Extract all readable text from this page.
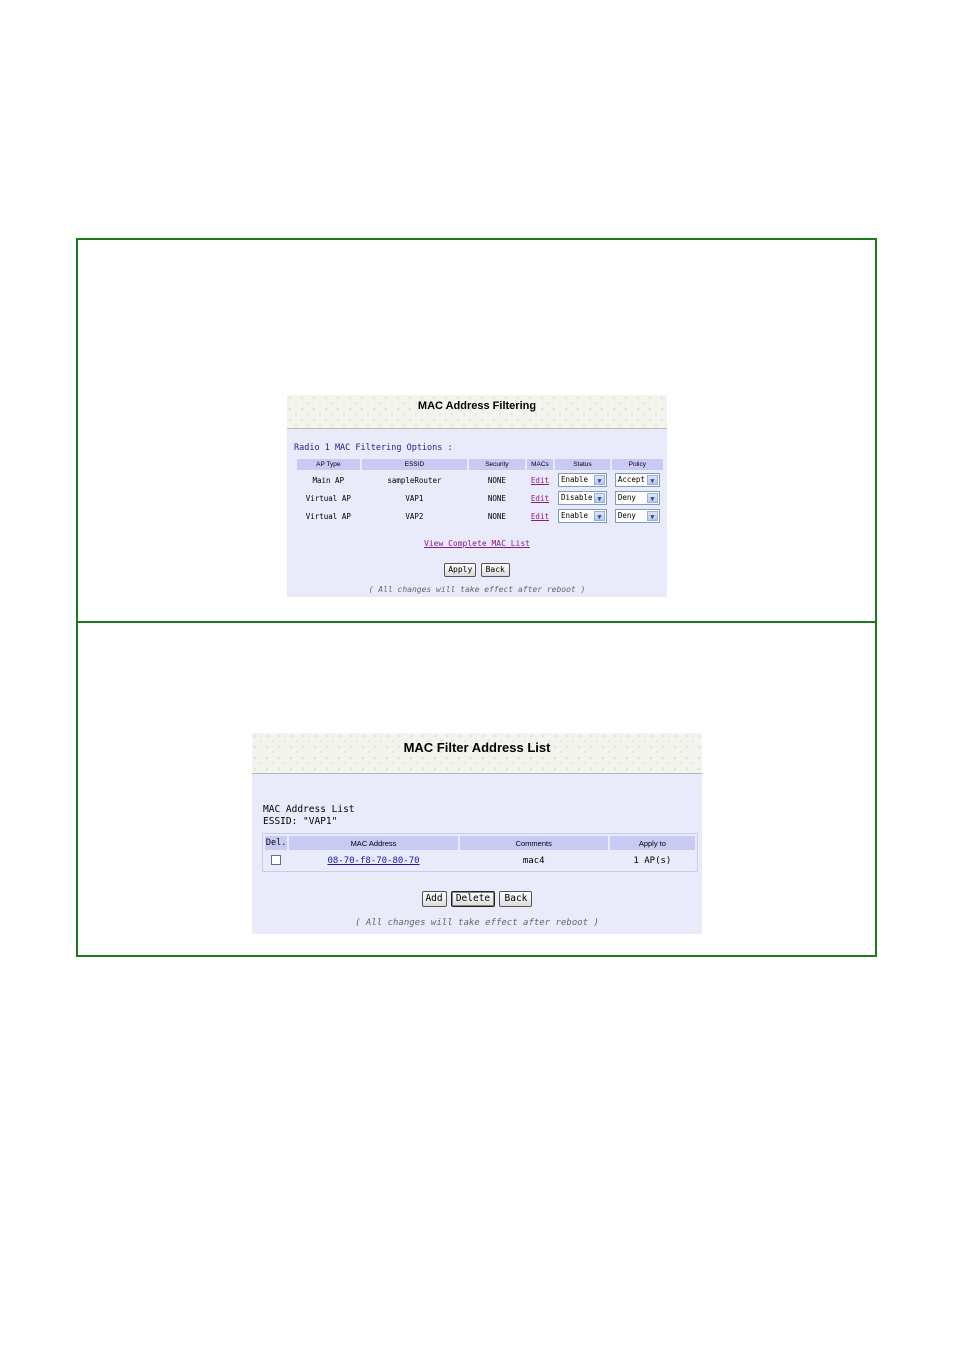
MAC Address Filtering
Radio 1 MAC Filtering Options :
AP Type	ESSID	Security	MACs	Status	Policy
Main AP	sampleRouter	NONE	Edit	Enable ▼	Accept ▼

Virtual AP	VAP1	NONE	Edit	Disable ▼	Deny ▼

Virtual AP	VAP2	NONE	Edit	Enable ▼	Deny ▼
View Complete MAC List
Apply Back
( All changes will take effect after reboot )
MAC Filter Address List
MAC Address List
ESSID: "VAP1"
Del.	MAC Address	Comments	Apply to
	08-70-f8-70-80-70	mac4	1 AP(s)
Add Delete Back
( All changes will take effect after reboot )
